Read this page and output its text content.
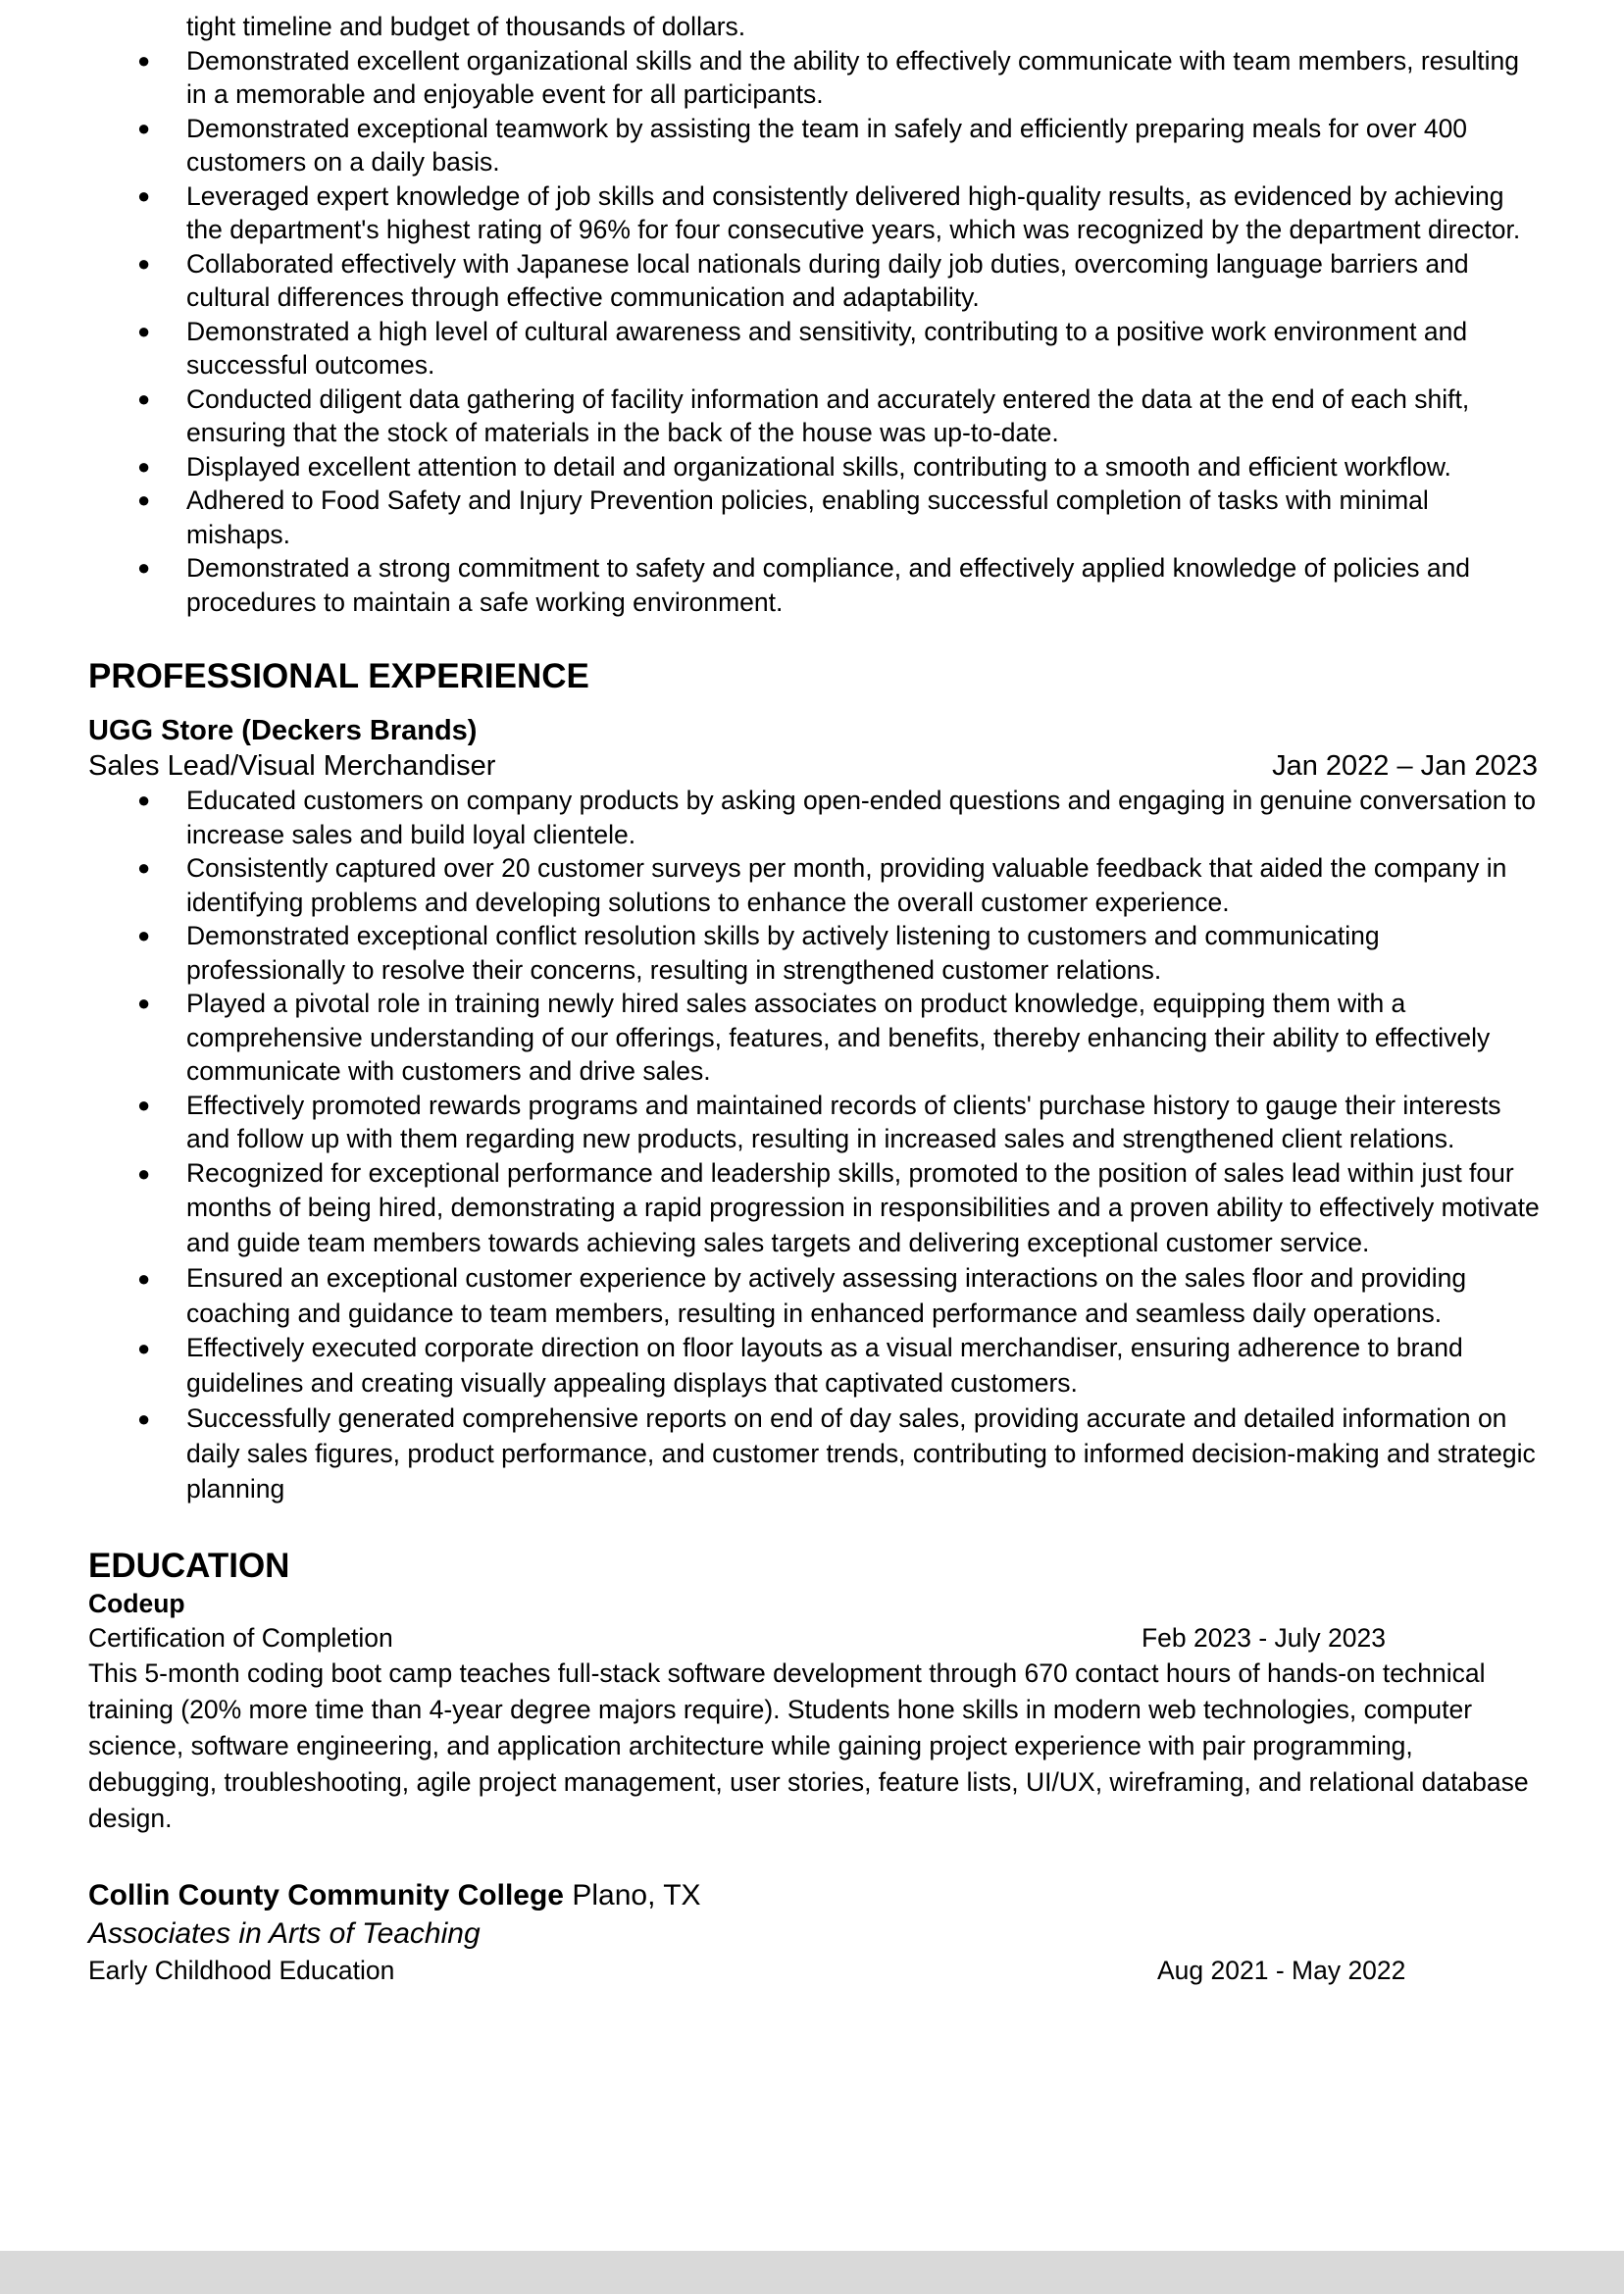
tight timeline and budget of thousands of dollars.
● Demonstrated excellent organizational skills and the ability to effectively communicate with team members, resulting in a memorable and enjoyable event for all participants.
● Demonstrated exceptional teamwork by assisting the team in safely and efficiently preparing meals for over 400 customers on a daily basis.
● Leveraged expert knowledge of job skills and consistently delivered high-quality results, as evidenced by achieving the department's highest rating of 96% for four consecutive years, which was recognized by the department director.
● Collaborated effectively with Japanese local nationals during daily job duties, overcoming language barriers and cultural differences through effective communication and adaptability.
● Demonstrated a high level of cultural awareness and sensitivity, contributing to a positive work environment and successful outcomes.
● Conducted diligent data gathering of facility information and accurately entered the data at the end of each shift, ensuring that the stock of materials in the back of the house was up-to-date.
● Displayed excellent attention to detail and organizational skills, contributing to a smooth and efficient workflow.
● Adhered to Food Safety and Injury Prevention policies, enabling successful completion of tasks with minimal mishaps.
● Demonstrated a strong commitment to safety and compliance, and effectively applied knowledge of policies and procedures to maintain a safe working environment.
PROFESSIONAL EXPERIENCE
UGG Store (Deckers Brands)
Sales Lead/Visual Merchandiser	Jan 2022 – Jan 2023
● Educated customers on company products by asking open-ended questions and engaging in genuine conversation to increase sales and build loyal clientele.
● Consistently captured over 20 customer surveys per month, providing valuable feedback that aided the company in identifying problems and developing solutions to enhance the overall customer experience.
● Demonstrated exceptional conflict resolution skills by actively listening to customers and communicating professionally to resolve their concerns, resulting in strengthened customer relations.
● Played a pivotal role in training newly hired sales associates on product knowledge, equipping them with a comprehensive understanding of our offerings, features, and benefits, thereby enhancing their ability to effectively communicate with customers and drive sales.
● Effectively promoted rewards programs and maintained records of clients' purchase history to gauge their interests and follow up with them regarding new products, resulting in increased sales and strengthened client relations.
● Recognized for exceptional performance and leadership skills, promoted to the position of sales lead within just four months of being hired, demonstrating a rapid progression in responsibilities and a proven ability to effectively motivate and guide team members towards achieving sales targets and delivering exceptional customer service.
● Ensured an exceptional customer experience by actively assessing interactions on the sales floor and providing coaching and guidance to team members, resulting in enhanced performance and seamless daily operations.
● Effectively executed corporate direction on floor layouts as a visual merchandiser, ensuring adherence to brand guidelines and creating visually appealing displays that captivated customers.
● Successfully generated comprehensive reports on end of day sales, providing accurate and detailed information on daily sales figures, product performance, and customer trends, contributing to informed decision-making and strategic planning
EDUCATION
Codeup
Certification of Completion	Feb 2023 - July 2023
This 5-month coding boot camp teaches full-stack software development through 670 contact hours of hands-on technical training (20% more time than 4-year degree majors require). Students hone skills in modern web technologies, computer science, software engineering, and application architecture while gaining project experience with pair programming, debugging, troubleshooting, agile project management, user stories, feature lists, UI/UX, wireframing, and relational database design.
Collin County Community College Plano, TX
Associates in Arts of Teaching
Early Childhood Education	Aug 2021 - May 2022
